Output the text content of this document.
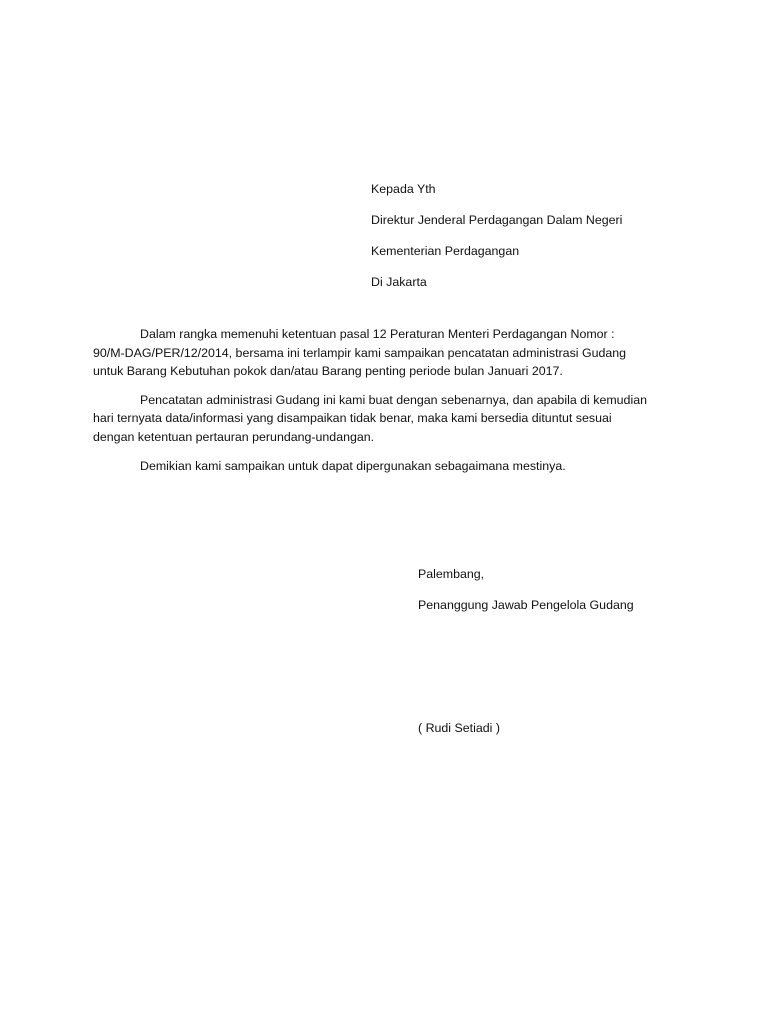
Kepada Yth
Direktur Jenderal Perdagangan Dalam Negeri
Kementerian Perdagangan
Di Jakarta
Dalam rangka memenuhi ketentuan pasal 12 Peraturan Menteri Perdagangan Nomor :
90/M-DAG/PER/12/2014, bersama ini terlampir kami sampaikan pencatatan administrasi Gudang
untuk Barang Kebutuhan pokok dan/atau Barang penting periode bulan Januari 2017.
Pencatatan administrasi Gudang ini kami buat dengan sebenarnya, dan apabila di kemudian
hari ternyata data/informasi yang disampaikan tidak benar, maka kami bersedia dituntut sesuai
dengan ketentuan pertauran perundang-undangan.
Demikian kami sampaikan untuk dapat dipergunakan sebagaimana mestinya.
Palembang,
Penanggung Jawab Pengelola Gudang
( Rudi Setiadi )
